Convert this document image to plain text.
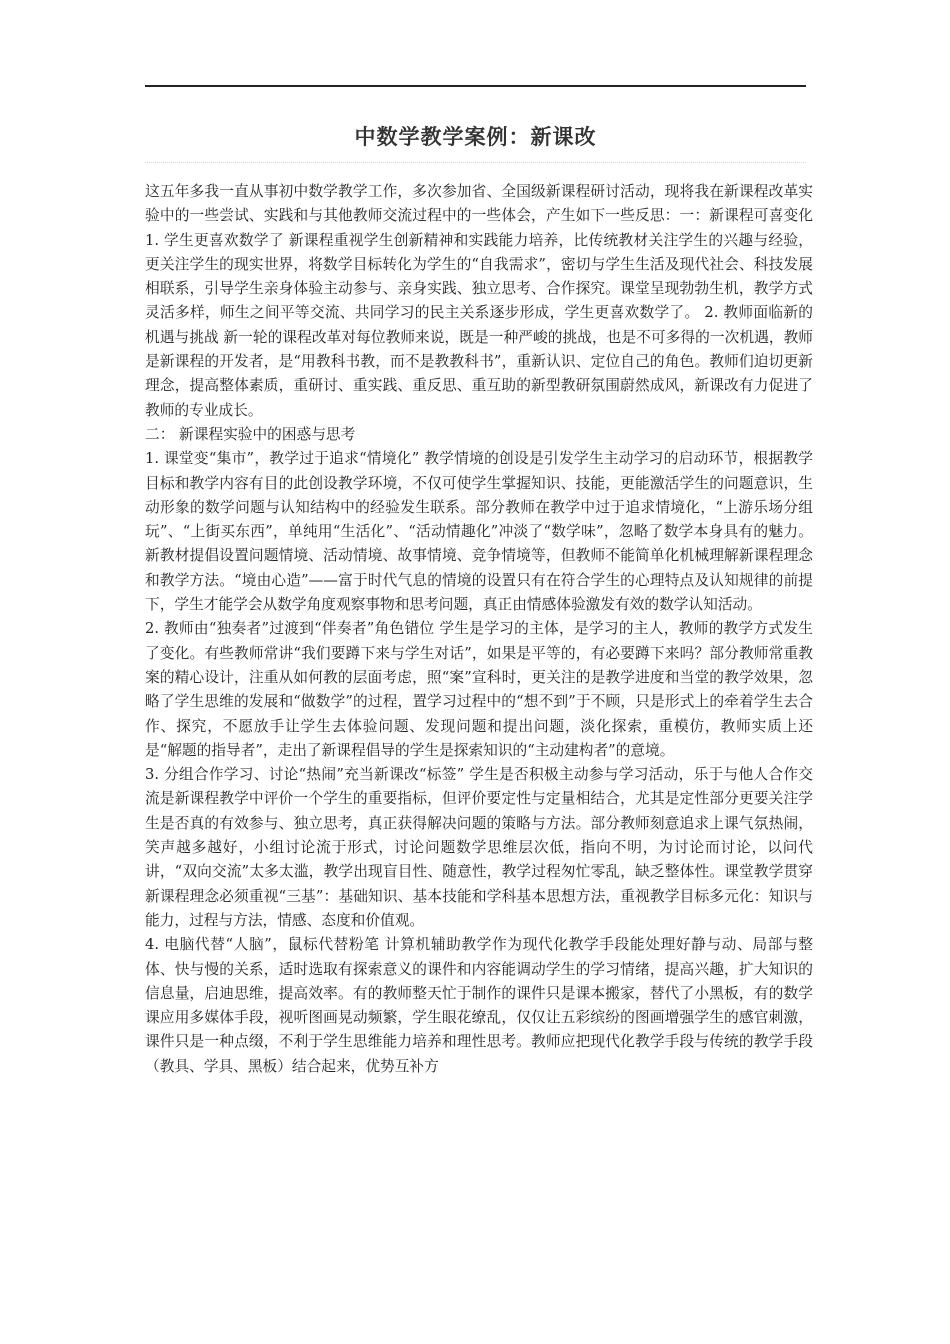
中数学教学案例：新课改

这五年多我一直从事初中数学教学工作，多次参加省、全国级新课程研讨活动，现将我在新课程改革实验中的一些尝试、实践和与其他教师交流过程中的一些体会，产生如下一些反思：一：新课程可喜变化 1. 学生更喜欢数学了 新课程重视学生创新精神和实践能力培养，比传统教材关注学生的兴趣与经验，更关注学生的现实世界，将数学目标转化为学生的“自我需求”，密切与学生生活及现代社会、科技发展相联系，引导学生亲身体验主动参与、亲身实践、独立思考、合作探究。课堂呈现勃勃生机，教学方式灵活多样，师生之间平等交流、共同学习的民主关系逐步形成，学生更喜欢数学了。 2. 教师面临新的机遇与挑战 新一轮的课程改革对每位教师来说，既是一种严峻的挑战，也是不可多得的一次机遇，教师是新课程的开发者，是“用教科书教，而不是教教科书”，重新认识、定位自己的角色。教师们迫切更新理念，提高整体素质，重研讨、重实践、重反思、重互助的新型教研氛围蔚然成风，新课改有力促进了教师的专业成长。

二： 新课程实验中的困惑与思考

1. 课堂变“集市”，教学过于追求“情境化” 教学情境的创设是引发学生主动学习的启动环节，根据教学目标和教学内容有目的此创设教学环境，不仅可使学生掌握知识、技能，更能激活学生的问题意识，生动形象的数学问题与认知结构中的经验发生联系。部分教师在教学中过于追求情境化，“上游乐场分组玩”、“上街买东西”，单纯用“生活化”、“活动情趣化”冲淡了“数学味”，忽略了数学本身具有的魅力。新教材提倡设置问题情境、活动情境、故事情境、竞争情境等，但教师不能简单化机械理解新课程理念和教学方法。“境由心造”——富于时代气息的情境的设置只有在符合学生的心理特点及认知规律的前提下，学生才能学会从数学角度观察事物和思考问题，真正由情感体验激发有效的数学认知活动。

2. 教师由“独奏者”过渡到“伴奏者”角色错位 学生是学习的主体，是学习的主人，教师的教学方式发生了变化。有些教师常讲“我们要蹲下来与学生对话”，如果是平等的，有必要蹲下来吗？部分教师常重教案的精心设计，注重从如何教的层面考虑，照“案”宣科时，更关注的是教学进度和当堂的教学效果，忽略了学生思维的发展和“做数学”的过程，置学习过程中的“想不到”于不顾，只是形式上的牵着学生去合作、探究，不愿放手让学生去体验问题、发现问题和提出问题，淡化探索，重模仿，教师实质上还是“解题的指导者”，走出了新课程倡导的学生是探索知识的“主动建构者”的意境。

3. 分组合作学习、讨论“热闹”充当新课改“标签” 学生是否积极主动参与学习活动，乐于与他人合作交流是新课程教学中评价一个学生的重要指标，但评价要定性与定量相结合，尤其是定性部分更要关注学生是否真的有效参与、独立思考，真正获得解决问题的策略与方法。部分教师刻意追求上课气氛热闹，笑声越多越好，小组讨论流于形式，讨论问题数学思维层次低，指向不明，为讨论而讨论，以问代讲，“双向交流”太多太滥，教学出现盲目性、随意性，教学过程匆忙零乱，缺乏整体性。课堂教学贯穿新课程理念必须重视“三基”：基础知识、基本技能和学科基本思想方法，重视教学目标多元化：知识与能力，过程与方法，情感、态度和价值观。

4. 电脑代替“人脑”，鼠标代替粉笔 计算机辅助教学作为现代化教学手段能处理好静与动、局部与整体、快与慢的关系，适时选取有探索意义的课件和内容能调动学生的学习情绪，提高兴趣，扩大知识的信息量，启迪思维，提高效率。有的教师整天忙于制作的课件只是课本搬家，替代了小黑板，有的数学课应用多媒体手段，视听图画晃动频繁，学生眼花缭乱，仅仅让五彩缤纷的图画增强学生的感官刺激，课件只是一种点缀，不利于学生思维能力培养和理性思考。教师应把现代化教学手段与传统的教学手段（教具、学具、黑板）结合起来，优势互补方
